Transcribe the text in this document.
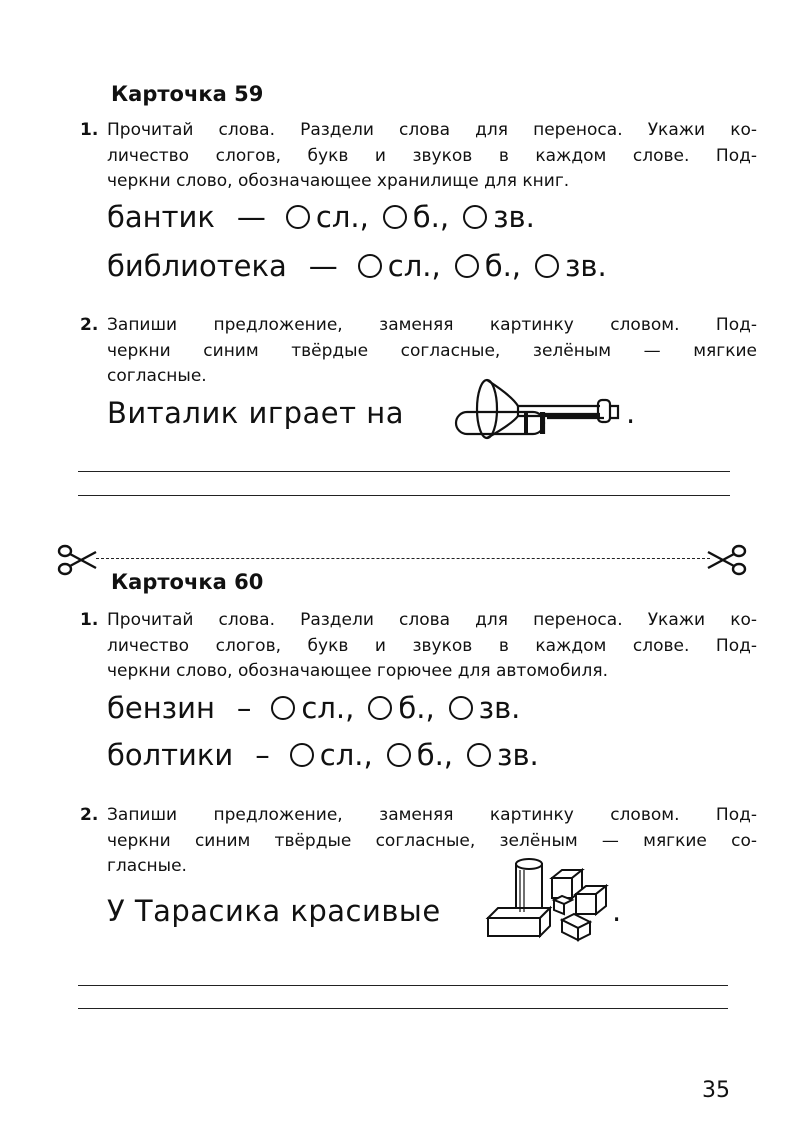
Карточка 59
1. Прочитай слова. Раздели слова для переноса. Укажи ко-
личество слогов, букв и звуков в каждом слове. Под-
черкни слово, обозначающее хранилище для книг.
бантик — сл., б., зв.
библиотека — сл., б., зв.
2. Запиши предложение, заменяя картинку словом. Под-
черкни синим твёрдые согласные, зелёным — мягкие
согласные.
Виталик играет на	.
Карточка 60
1. Прочитай слова. Раздели слова для переноса. Укажи ко-
личество слогов, букв и звуков в каждом слове. Под-
черкни слово, обозначающее горючее для автомобиля.
бензин – сл., б., зв.
болтики – сл., б., зв.
2. Запиши предложение, заменяя картинку словом. Под-
черкни синим твёрдые согласные, зелёным — мягкие со-
гласные.
У Тарасика красивые	.
35
